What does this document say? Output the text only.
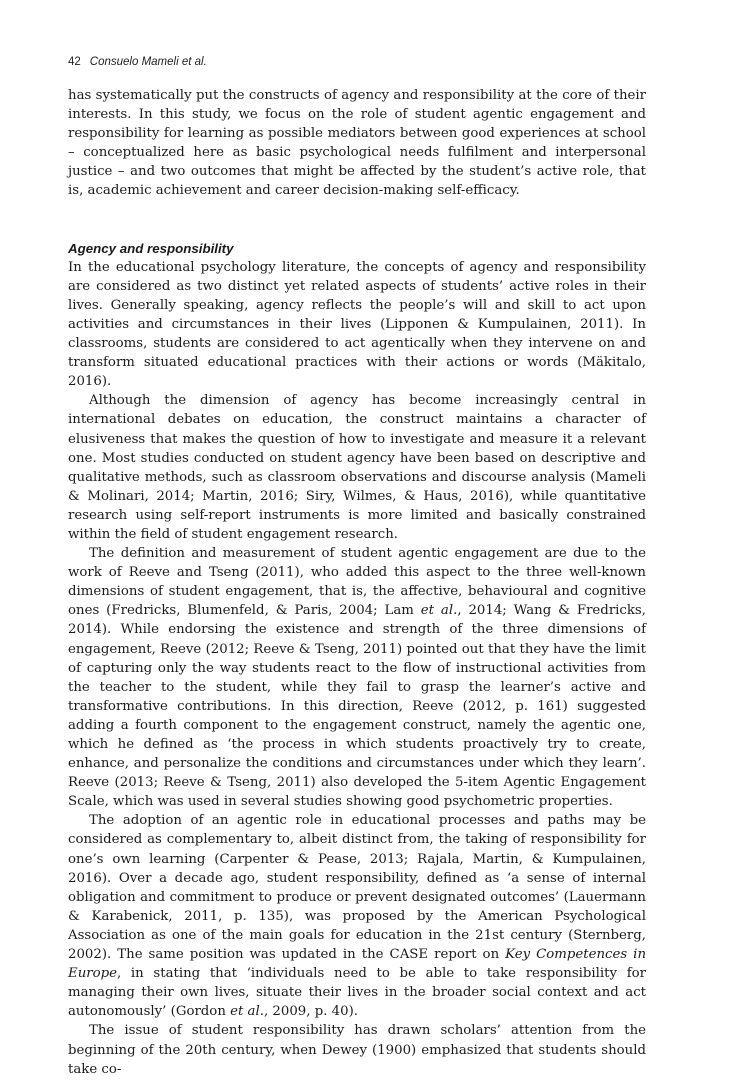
42 Consuelo Mameli et al.

has systematically put the constructs of agency and responsibility at the core of their interests. In this study, we focus on the role of student agentic engagement and responsibility for learning as possible mediators between good experiences at school – conceptualized here as basic psychological needs fulfilment and interpersonal justice – and two outcomes that might be affected by the student’s active role, that is, academic achievement and career decision-making self-efficacy.

Agency and responsibility

In the educational psychology literature, the concepts of agency and responsibility are considered as two distinct yet related aspects of students’ active roles in their lives. Generally speaking, agency reflects the people’s will and skill to act upon activities and circumstances in their lives (Lipponen & Kumpulainen, 2011). In classrooms, students are considered to act agentically when they intervene on and transform situated educational practices with their actions or words (Mäkitalo, 2016).

Although the dimension of agency has become increasingly central in international debates on education, the construct maintains a character of elusiveness that makes the question of how to investigate and measure it a relevant one. Most studies conducted on student agency have been based on descriptive and qualitative methods, such as classroom observations and discourse analysis (Mameli & Molinari, 2014; Martin, 2016; Siry, Wilmes, & Haus, 2016), while quantitative research using self-report instruments is more limited and basically constrained within the field of student engagement research.

The definition and measurement of student agentic engagement are due to the work of Reeve and Tseng (2011), who added this aspect to the three well-known dimensions of student engagement, that is, the affective, behavioural and cognitive ones (Fredricks, Blumenfeld, & Paris, 2004; Lam et al., 2014; Wang & Fredricks, 2014). While endorsing the existence and strength of the three dimensions of engagement, Reeve (2012; Reeve & Tseng, 2011) pointed out that they have the limit of capturing only the way students react to the flow of instructional activities from the teacher to the student, while they fail to grasp the learner’s active and transformative contributions. In this direction, Reeve (2012, p. 161) suggested adding a fourth component to the engagement construct, namely the agentic one, which he defined as ‘the process in which students proactively try to create, enhance, and personalize the conditions and circumstances under which they learn’. Reeve (2013; Reeve & Tseng, 2011) also developed the 5-item Agentic Engagement Scale, which was used in several studies showing good psychometric properties.

The adoption of an agentic role in educational processes and paths may be considered as complementary to, albeit distinct from, the taking of responsibility for one’s own learning (Carpenter & Pease, 2013; Rajala, Martin, & Kumpulainen, 2016). Over a decade ago, student responsibility, defined as ‘a sense of internal obligation and commitment to produce or prevent designated outcomes’ (Lauermann & Karabenick, 2011, p. 135), was proposed by the American Psychological Association as one of the main goals for education in the 21st century (Sternberg, 2002). The same position was updated in the CASE report on Key Competences in Europe, in stating that ‘individuals need to be able to take responsibility for managing their own lives, situate their lives in the broader social context and act autonomously’ (Gordon et al., 2009, p. 40).

The issue of student responsibility has drawn scholars’ attention from the beginning of the 20th century, when Dewey (1900) emphasized that students should take co-
